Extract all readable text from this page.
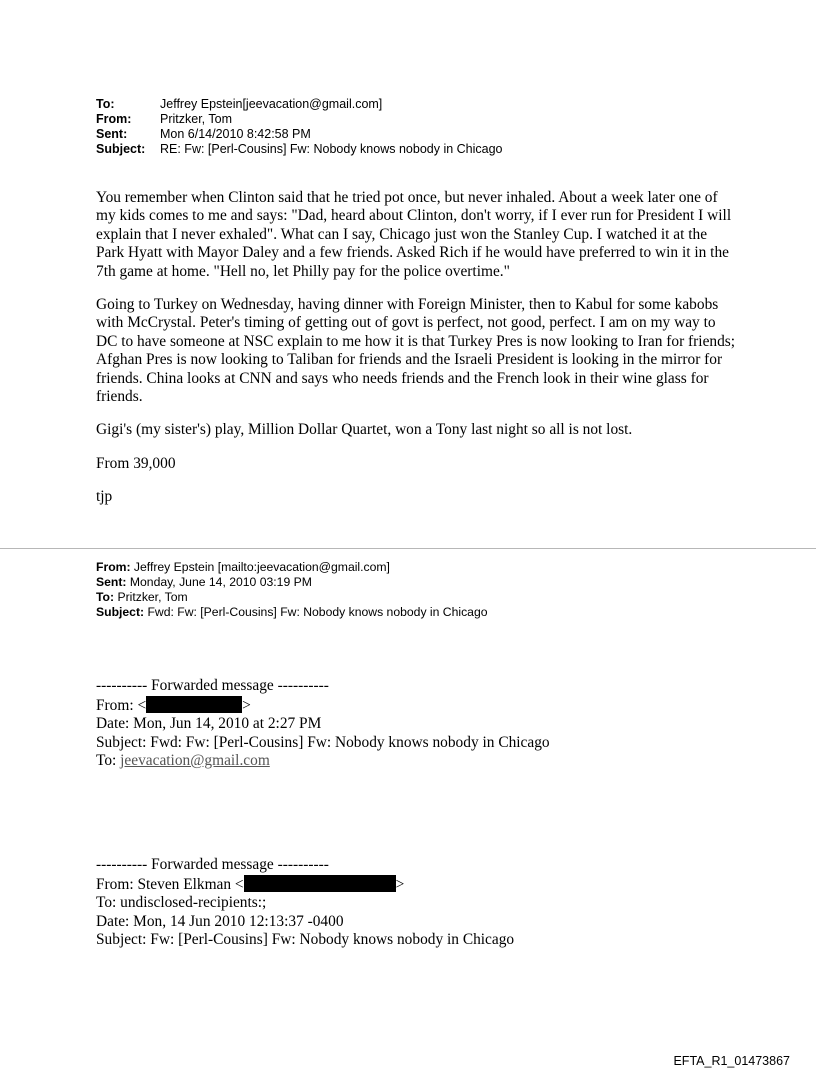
To:	Jeffrey Epstein[jeevacation@gmail.com]
From:	Pritzker, Tom
Sent:	Mon 6/14/2010 8:42:58 PM
Subject:	RE: Fw: [Perl-Cousins] Fw: Nobody knows nobody in Chicago

You remember when Clinton said that he tried pot once, but never inhaled. About a week later one of my kids comes to me and says: "Dad, heard about Clinton, don't worry, if I ever run for President I will explain that I never exhaled". What can I say, Chicago just won the Stanley Cup. I watched it at the Park Hyatt with Mayor Daley and a few friends. Asked Rich if he would have preferred to win it in the 7th game at home. "Hell no, let Philly pay for the police overtime."

Going to Turkey on Wednesday, having dinner with Foreign Minister, then to Kabul for some kabobs with McCrystal. Peter's timing of getting out of govt is perfect, not good, perfect. I am on my way to DC to have someone at NSC explain to me how it is that Turkey Pres is now looking to Iran for friends; Afghan Pres is now looking to Taliban for friends and the Israeli President is looking in the mirror for friends. China looks at CNN and says who needs friends and the French look in their wine glass for friends.

Gigi's (my sister's) play, Million Dollar Quartet, won a Tony last night so all is not lost.

From 39,000

tjp

From: Jeffrey Epstein [mailto:jeevacation@gmail.com]
Sent: Monday, June 14, 2010 03:19 PM
To: Pritzker, Tom
Subject: Fwd: Fw: [Perl-Cousins] Fw: Nobody knows nobody in Chicago
---------- Forwarded message ----------
From: <	>
Date: Mon, Jun 14, 2010 at 2:27 PM
Subject: Fwd: Fw: [Perl-Cousins] Fw: Nobody knows nobody in Chicago
To: jeevacation@gmail.com
---------- Forwarded message ----------
From: Steven Elkman <	>
To: undisclosed-recipients:;
Date: Mon, 14 Jun 2010 12:13:37 -0400
Subject: Fw: [Perl-Cousins] Fw: Nobody knows nobody in Chicago
EFTA_R1_01473867
